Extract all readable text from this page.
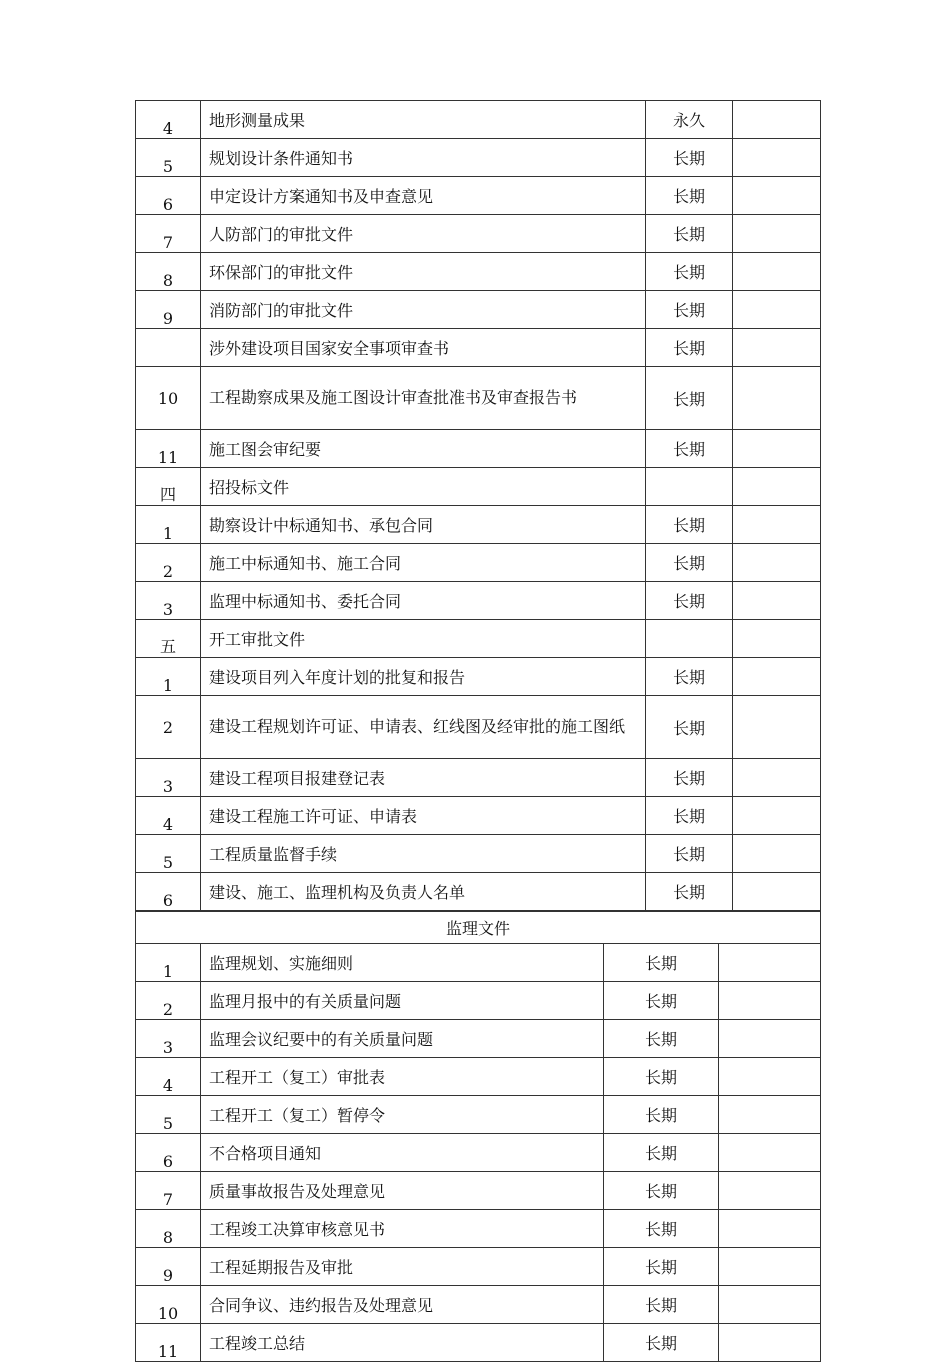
4	地形测量成果	永久	
5	规划设计条件通知书	长期	
6	申定设计方案通知书及申查意见	长期	
7	人防部门的审批文件	长期	
8	环保部门的审批文件	长期	
9	消防部门的审批文件	长期	
	涉外建设项目国家安全事项审查书	长期	
10	工程勘察成果及施工图设计审查批准书及审查报告书	长期	
11	施工图会审纪要	长期	
四	招投标文件		
1	勘察设计中标通知书、承包合同	长期	
2	施工中标通知书、施工合同	长期	
3	监理中标通知书、委托合同	长期	
五	开工审批文件		
1	建设项目列入年度计划的批复和报告	长期	
2	建设工程规划许可证、申请表、红线图及经审批的施工图纸	长期	
3	建设工程项目报建登记表	长期	
4	建设工程施工许可证、申请表	长期	
5	工程质量监督手续	长期	
6	建设、施工、监理机构及负责人名单	长期	
监理文件			
1	监理规划、实施细则	长期	
2	监理月报中的有关质量问题	长期	
3	监理会议纪要中的有关质量问题	长期	
4	工程开工（复工）审批表	长期	
5	工程开工（复工）暂停令	长期	
6	不合格项目通知	长期	
7	质量事故报告及处理意见	长期	
8	工程竣工决算审核意见书	长期	
9	工程延期报告及审批	长期	
10	合同争议、违约报告及处理意见	长期	
11	工程竣工总结	长期	
